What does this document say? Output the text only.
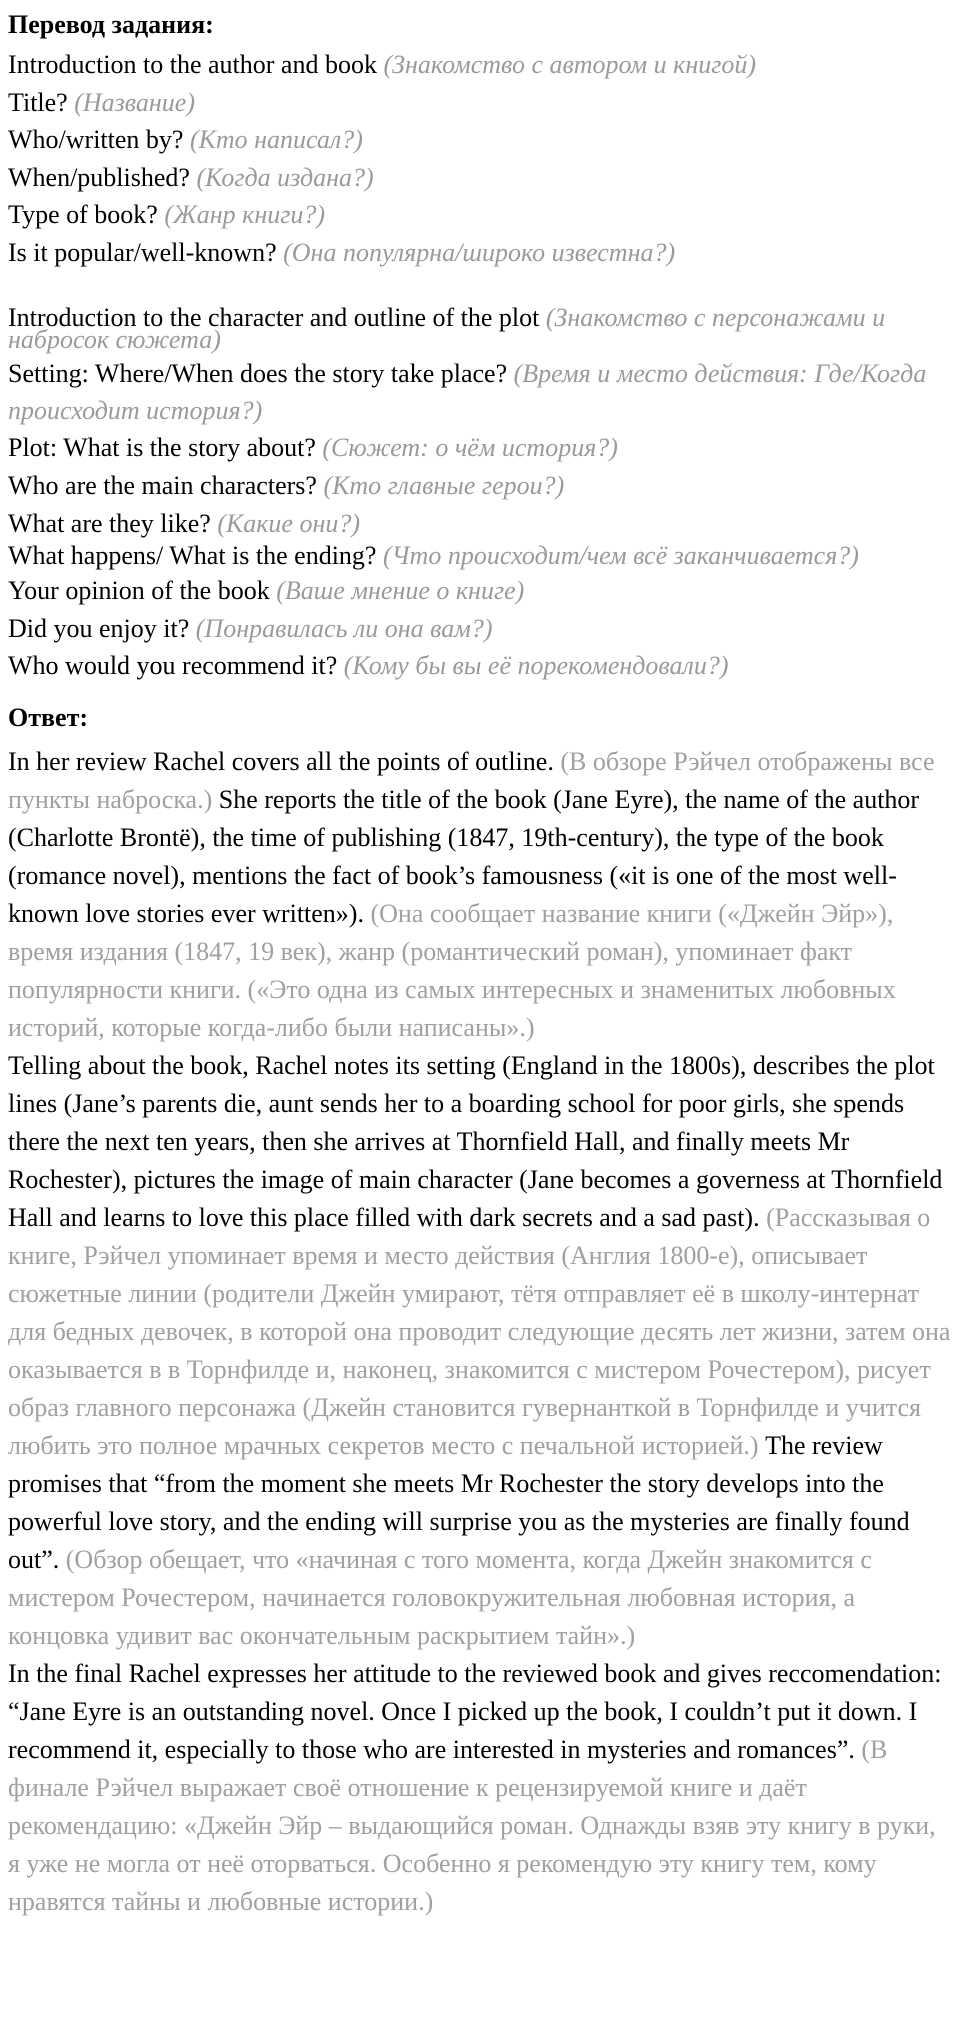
Перевод задания:
Introduction to the author and book (Знакомство с автором и книгой)
Title? (Название)
Who/written by? (Кто написал?)
When/published? (Когда издана?)
Type of book? (Жанр книги?)
Is it popular/well-known? (Она популярна/широко известна?)
Introduction to the character and outline of the plot (Знакомство с персонажами и набросок сюжета)
Setting: Where/When does the story take place? (Время и место действия: Где/Когда происходит история?)
Plot: What is the story about? (Сюжет: о чём история?)
Who are the main characters? (Кто главные герои?)
What are they like? (Какие они?)
What happens/ What is the ending? (Что происходит/чем всё заканчивается?)
Your opinion of the book (Ваше мнение о книге)
Did you enjoy it? (Понравилась ли она вам?)
Who would you recommend it? (Кому бы вы её порекомендовали?)
Ответ:

In her review Rachel covers all the points of outline. (В обзоре Рэйчел отображены все пункты наброска.) She reports the title of the book (Jane Eyre), the name of the author (Charlotte Brontë), the time of publishing (1847, 19th-century), the type of the book (romance novel), mentions the fact of book’s famousness («it is one of the most well-known love stories ever written»). (Она сообщает название книги («Джейн Эйр»), время издания (1847, 19 век), жанр (романтический роман), упоминает факт популярности книги. («Это одна из самых интересных и знаменитых любовных историй, которые когда-либо были написаны».)

Telling about the book, Rachel notes its setting (England in the 1800s), describes the plot lines (Jane’s parents die, aunt sends her to a boarding school for poor girls, she spends there the next ten years, then she arrives at Thornfield Hall, and finally meets Mr Rochester), pictures the image of main character (Jane becomes a governess at Thornfield Hall and learns to love this place filled with dark secrets and a sad past). (Рассказывая о книге, Рэйчел упоминает время и место действия (Англия 1800-е), описывает сюжетные линии (родители Джейн умирают, тётя отправляет её в школу-интернат для бедных девочек, в которой она проводит следующие десять лет жизни, затем она оказывается в в Торнфилде и, наконец, знакомится с мистером Рочестером), рисует образ главного персонажа (Джейн становится гувернанткой в Торнфилде и учится любить это полное мрачных секретов место с печальной историей.) The review promises that “from the moment she meets Mr Rochester the story develops into the powerful love story, and the ending will surprise you as the mysteries are finally found out”. (Обзор обещает, что «начиная с того момента, когда Джейн знакомится с мистером Рочестером, начинается головокружительная любовная история, а концовка удивит вас окончательным раскрытием тайн».)

In the final Rachel expresses her attitude to the reviewed book and gives reccomendation: “Jane Eyre is an outstanding novel. Once I picked up the book, I couldn’t put it down. I recommend it, especially to those who are interested in mysteries and romances”. (В финале Рэйчел выражает своё отношение к рецензируемой книге и даёт рекомендацию: «Джейн Эйр – выдающийся роман. Однажды взяв эту книгу в руки, я уже не могла от неё оторваться. Особенно я рекомендую эту книгу тем, кому нравятся тайны и любовные истории.)
